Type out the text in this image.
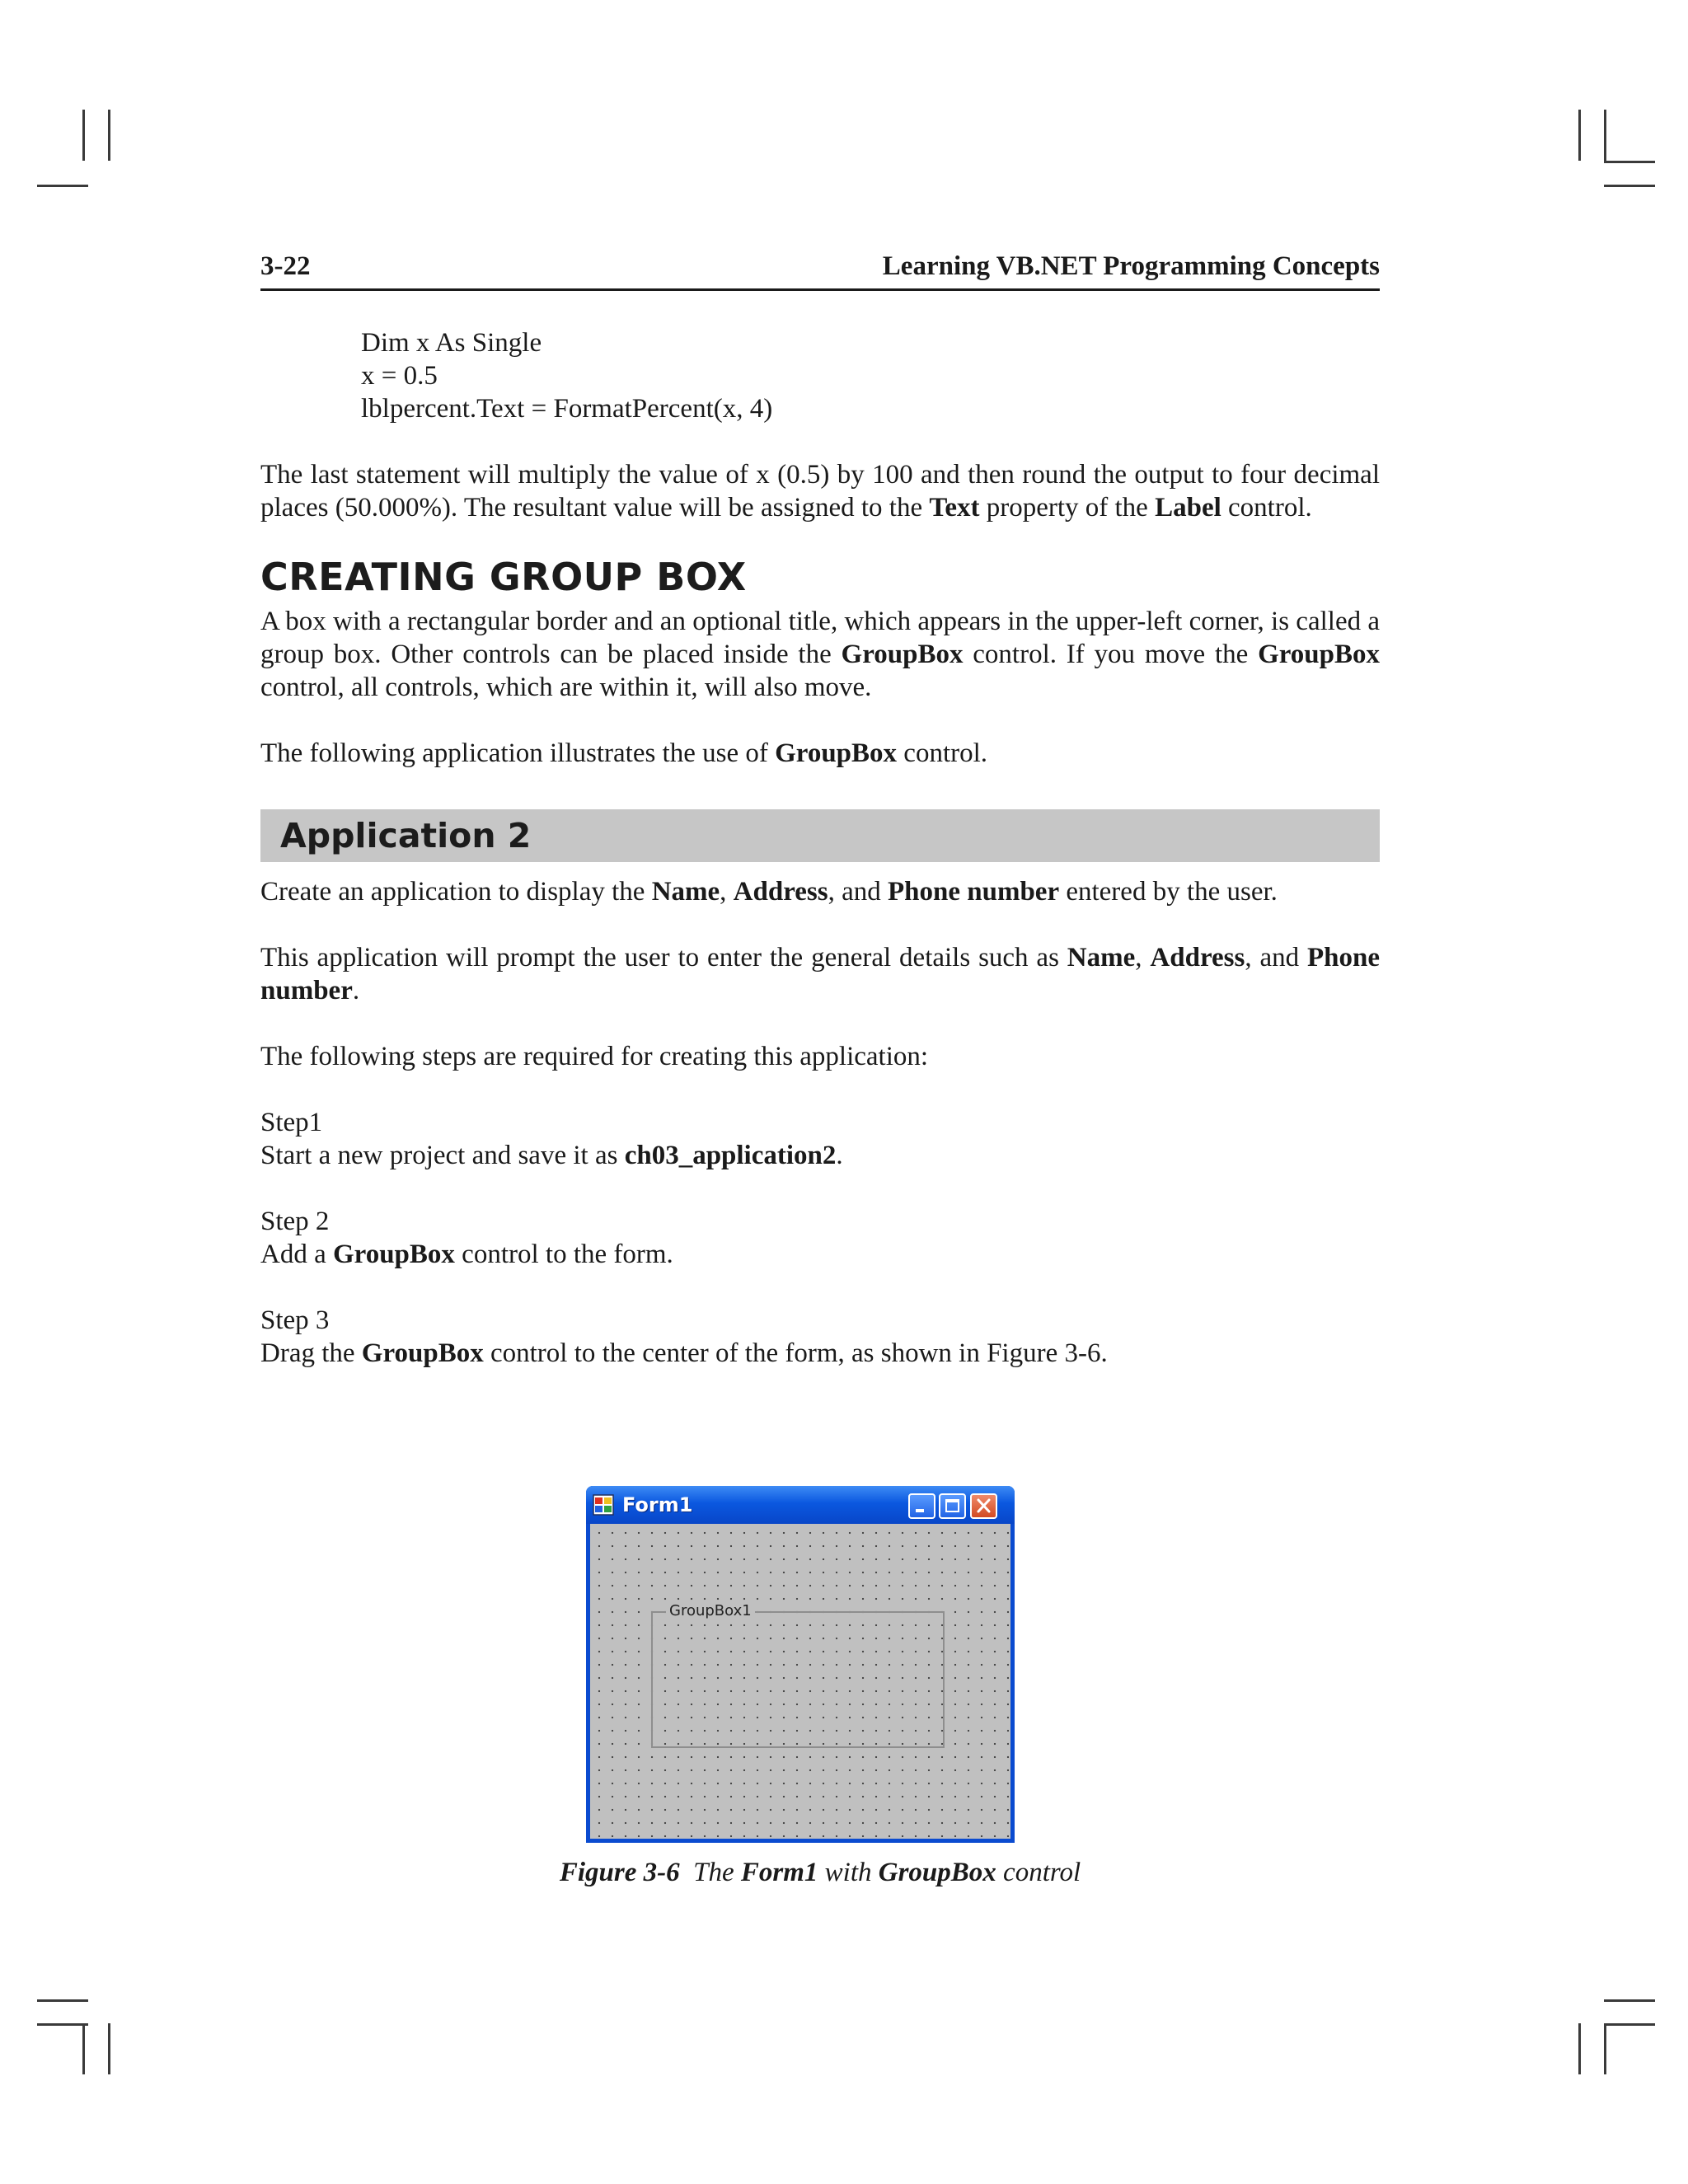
3-22	Learning VB.NET Programming Concepts
Dim x As Single
x = 0.5
lblpercent.Text = FormatPercent(x, 4)

The last statement will multiply the value of x (0.5) by 100 and then round the output to four decimal places (50.000%). The resultant value will be assigned to the Text property of the Label control.

CREATING GROUP BOX

A box with a rectangular border and an optional title, which appears in the upper-left corner, is called a group box. Other controls can be placed inside the GroupBox control. If you move the GroupBox control, all controls, which are within it, will also move.

The following application illustrates the use of GroupBox control.

Application 2

Create an application to display the Name, Address, and Phone number entered by the user.

This application will prompt the user to enter the general details such as Name, Address, and Phone number.

The following steps are required for creating this application:

Step1

Start a new project and save it as ch03_application2.

Step 2

Add a GroupBox control to the form.

Step 3

Drag the GroupBox control to the center of the form, as shown in Figure 3-6.

Form1
GroupBox1
Figure 3-6 The Form1 with GroupBox control
